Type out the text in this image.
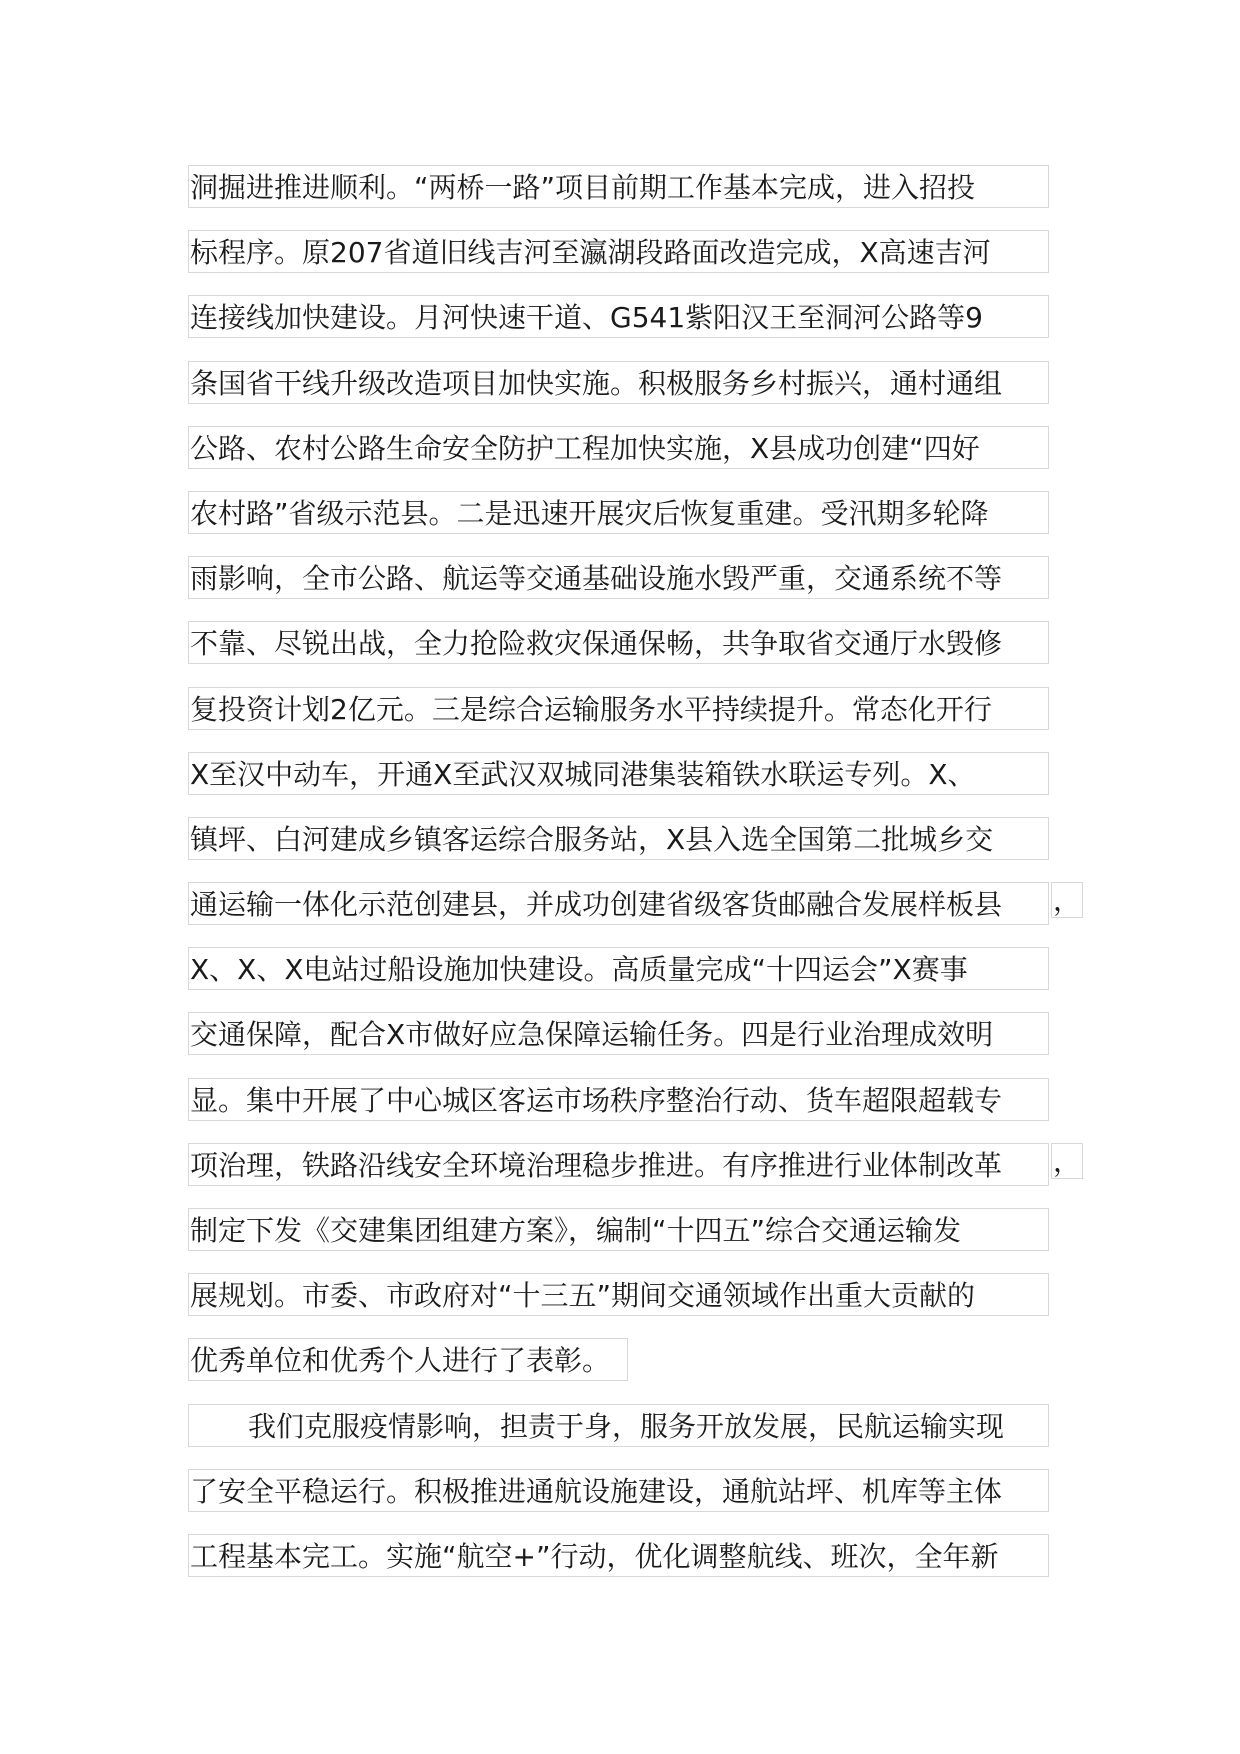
洞掘进推进顺利。“两桥一路”项目前期工作基本完成，进入招投
标程序。原207省道旧线吉河至瀛湖段路面改造完成，X高速吉河
连接线加快建设。月河快速干道、G541紫阳汉王至洞河公路等9
条国省干线升级改造项目加快实施。积极服务乡村振兴，通村通组
公路、农村公路生命安全防护工程加快实施，X县成功创建“四好
农村路”省级示范县。二是迅速开展灾后恢复重建。受汛期多轮降
雨影响，全市公路、航运等交通基础设施水毁严重，交通系统不等
不靠、尽锐出战，全力抢险救灾保通保畅，共争取省交通厅水毁修
复投资计划2亿元。三是综合运输服务水平持续提升。常态化开行
X至汉中动车，开通X至武汉双城同港集装箱铁水联运专列。X、
镇坪、白河建成乡镇客运综合服务站，X县入选全国第二批城乡交
通运输一体化示范创建县，并成功创建省级客货邮融合发展样板县	，
X、X、X电站过船设施加快建设。高质量完成“十四运会”X赛事
交通保障，配合X市做好应急保障运输任务。四是行业治理成效明
显。集中开展了中心城区客运市场秩序整治行动、货车超限超载专
项治理，铁路沿线安全环境治理稳步推进。有序推进行业体制改革	，
制定下发《交建集团组建方案》，编制“十四五”综合交通运输发
展规划。市委、市政府对“十三五”期间交通领域作出重大贡献的
优秀单位和优秀个人进行了表彰。
我们克服疫情影响，担责于身，服务开放发展，民航运输实现
了安全平稳运行。积极推进通航设施建设，通航站坪、机库等主体
工程基本完工。实施“航空+”行动，优化调整航线、班次，全年新
